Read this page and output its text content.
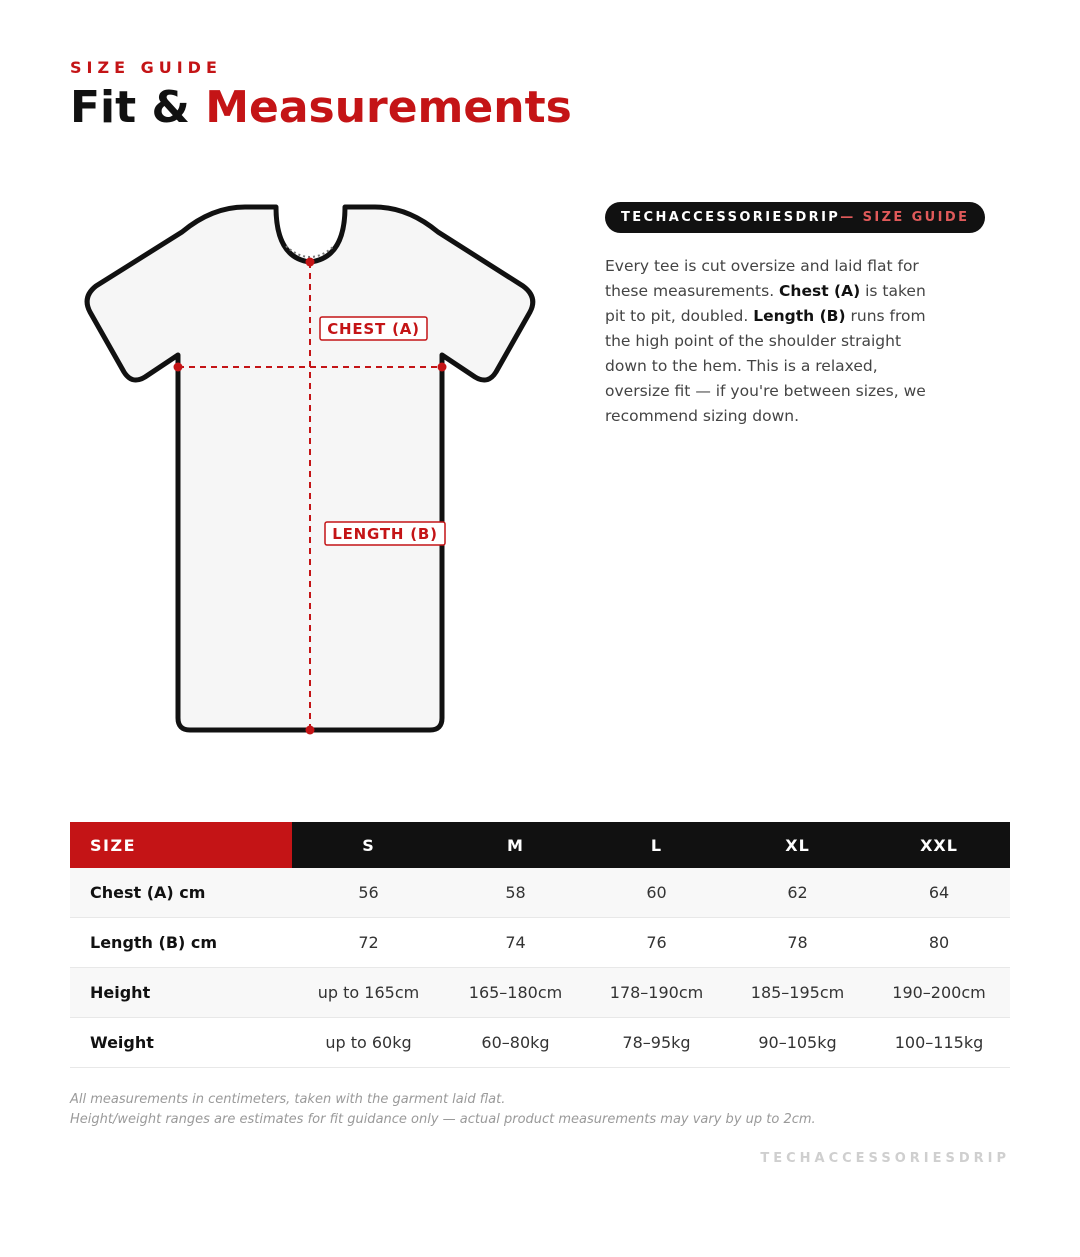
SIZE GUIDE
Fit & Measurements
CHEST (A)
LENGTH (B)
TECHACCESSORIESDRIP — SIZE GUIDE

Every tee is cut oversize and laid flat for these measurements. Chest (A) is taken pit to pit, doubled. Length (B) runs from the high point of the shoulder straight down to the hem. This is a relaxed, oversize fit — if you're between sizes, we recommend sizing down.

SIZE	S	M	L	XL	XXL
Chest (A) cm	56	58	60	62	64
Length (B) cm	72	74	76	78	80
Height	up to 165cm	165–180cm	178–190cm	185–195cm	190–200cm
Weight	up to 60kg	60–80kg	78–95kg	90–105kg	100–115kg
All measurements in centimeters, taken with the garment laid flat.
Height/weight ranges are estimates for fit guidance only — actual product measurements may vary by up to 2cm.
TECHACCESSORIESDRIP
